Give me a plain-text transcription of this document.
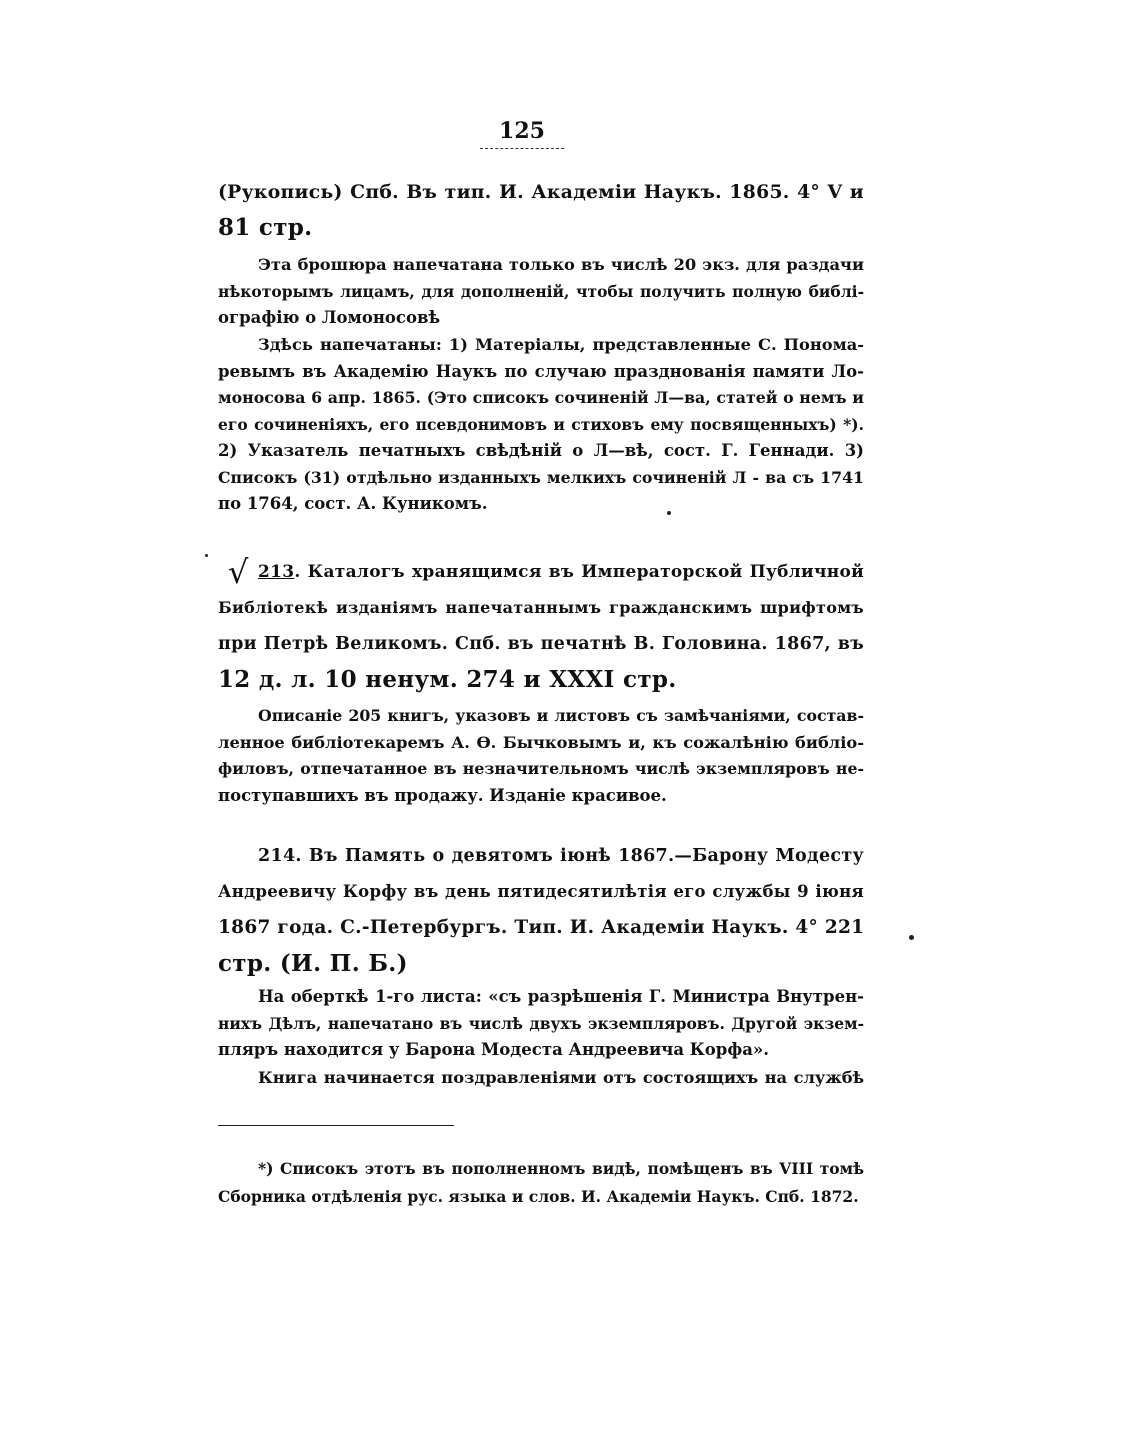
125
(Рукопись) Спб. Въ тип. И. Академіи Наукъ. 1865. 4° V и
81 стр.
Эта брошюра напечатана только въ числѣ 20 экз. для раздачи
нѣкоторымъ лицамъ, для дополненій, чтобы получить полную библі-
ографію о Ломоносовѣ
Здѣсь напечатаны: 1) Матеріалы, представленные С. Пономa-
ревымъ въ Академію Наукъ по случаю празднованія памяти Ло-
моносова 6 апр. 1865. (Это списокъ сочиненій Л—ва, статей о немъ и
его сочиненіяхъ, его псевдонимовъ и стиховъ ему посвященныхъ) *).
2) Указатель печатныхъ свѣдѣній о Л—вѣ, сост. Г. Геннади. 3)
Списокъ (31) отдѣльно изданныхъ мелкихъ сочиненій Л - ва съ 1741
по 1764, сост. А. Куникомъ.
√ 213. Каталогъ хранящимся въ Императорской Публичной
Библіотекѣ изданіямъ напечатаннымъ гражданскимъ шрифтомъ
при Петрѣ Великомъ. Спб. въ печатнѣ В. Головина. 1867, въ
12 д. л. 10 ненум. 274 и XXXI стр.
Описаніе 205 книгъ, указовъ и листовъ съ замѣчаніями, состав-
ленное библіотекаремъ А. Ѳ. Бычковымъ и, къ сожалѣнію библіо-
филовъ, отпечатанное въ незначительномъ числѣ экземпляровъ не-
поступавшихъ въ продажу. Изданіе красивое.
214. Въ Память о девятомъ іюнѣ 1867.—Барону Модесту
Андреевичу Корфу въ день пятидесятилѣтія его службы 9 іюня
1867 года. С.-Петербургъ. Тип. И. Академіи Наукъ. 4° 221
стр. (И. П. Б.)
На оберткѣ 1-го листа: «съ разрѣшенія Г. Министра Внутрен-
нихъ Дѣлъ, напечатано въ числѣ двухъ экземпляровъ. Другой экзем-
пляръ находится у Барона Модеста Андреевича Корфа».
Книга начинается поздравленіями отъ состоящихъ на службѣ
*) Списокъ этотъ въ пополненномъ видѣ, помѣщенъ въ VIII томѣ
Сборника отдѣленія рус. языка и слов. И. Академіи Наукъ. Спб. 1872.
